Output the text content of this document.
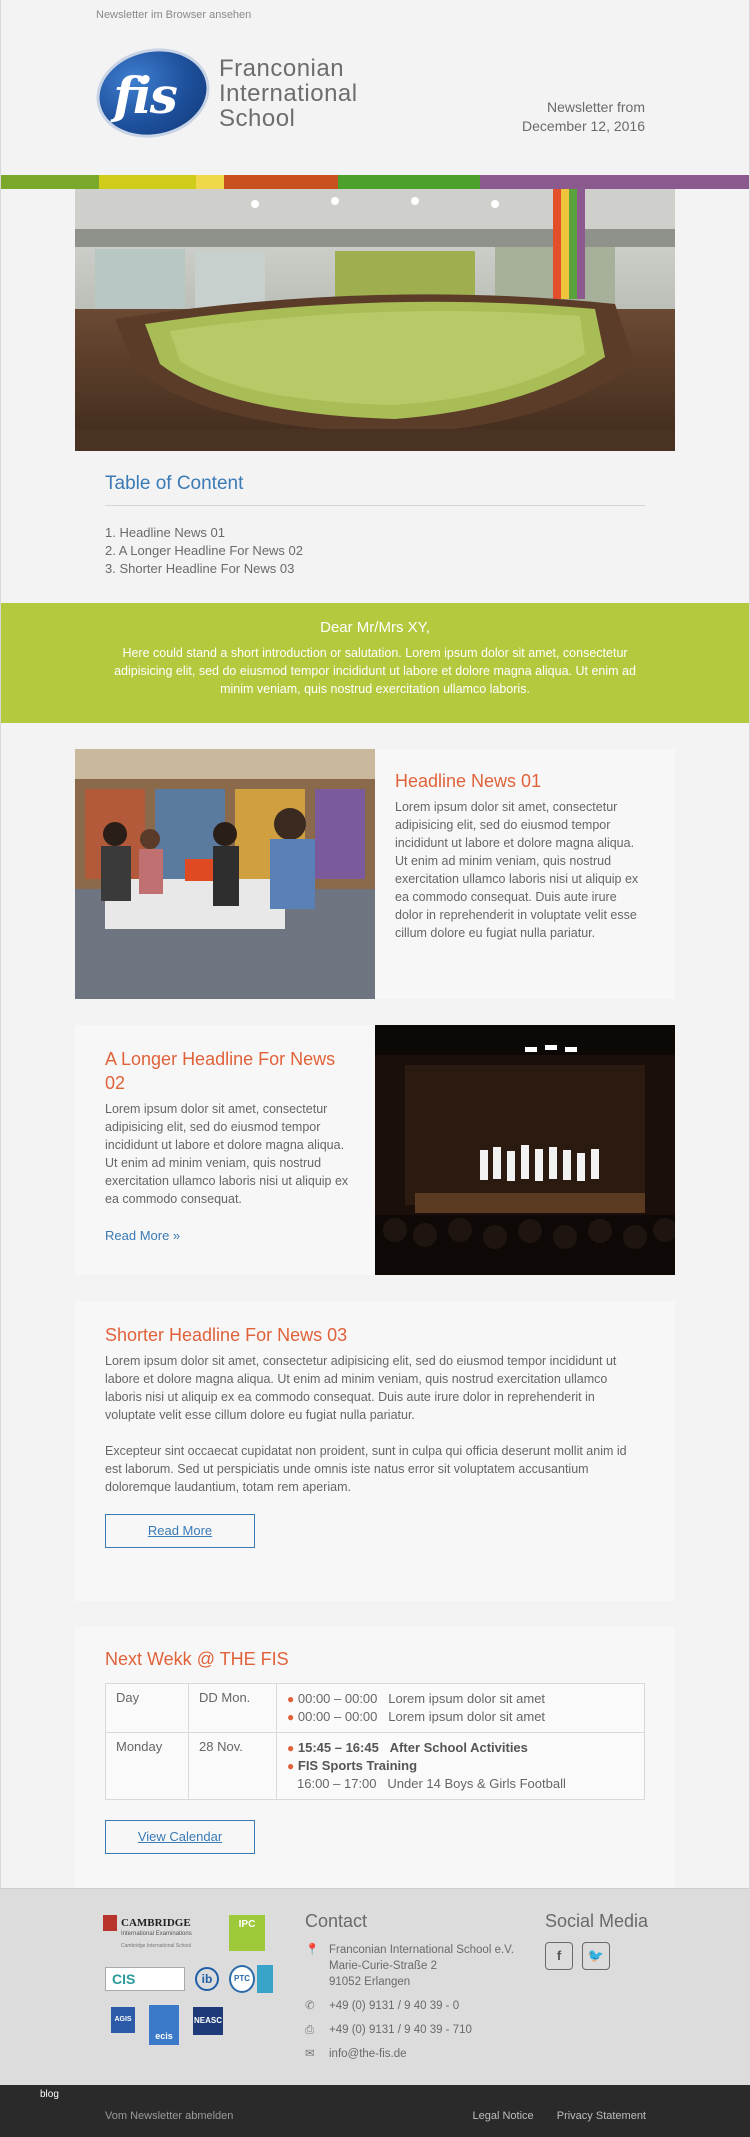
Newsletter im Browser ansehen
fis Franconian
International
School	Newsletter from
December 12, 2016
Table of Content
1. Headline News 01
2. A Longer Headline For News 02
3. Shorter Headline For News 03
Dear Mr/Mrs XY,

Here could stand a short introduction or salutation. Lorem ipsum dolor sit amet, consectetur adipisicing elit, sed do eiusmod tempor incididunt ut labore et dolore magna aliqua. Ut enim ad minim veniam, quis nostrud exercitation ullamco laboris.

Headline News 01

Lorem ipsum dolor sit amet, consectetur adipisicing elit, sed do eiusmod tempor incididunt ut labore et dolore magna aliqua. Ut enim ad minim veniam, quis nostrud exercitation ullamco laboris nisi ut aliquip ex ea commodo consequat. Duis aute irure dolor in reprehenderit in voluptate velit esse cillum dolore eu fugiat nulla pariatur.

A Longer Headline For News 02

Lorem ipsum dolor sit amet, consectetur adipisicing elit, sed do eiusmod tempor incididunt ut labore et dolore magna aliqua. Ut enim ad minim veniam, quis nostrud exercitation ullamco laboris nisi ut aliquip ex ea commodo consequat.

Read More »
Shorter Headline For News 03

Lorem ipsum dolor sit amet, consectetur adipisicing elit, sed do eiusmod tempor incididunt ut labore et dolore magna aliqua. Ut enim ad minim veniam, quis nostrud exercitation ullamco laboris nisi ut aliquip ex ea commodo consequat. Duis aute irure dolor in reprehenderit in voluptate velit esse cillum dolore eu fugiat nulla pariatur.

Excepteur sint occaecat cupidatat non proident, sunt in culpa qui officia deserunt mollit anim id est laborum. Sed ut perspiciatis unde omnis iste natus error sit voluptatem accusantium doloremque laudantium, totam rem aperiam.

Read More
Next Wekk @ THE FIS
Day	DD Mon.	● 00:00 – 00:00 Lorem ipsum dolor sit amet
● 00:00 – 00:00 Lorem ipsum dolor sit amet

Monday	28 Nov.	● 15:45 – 16:45 After School Activities
● FIS Sports Training
16:00 – 17:00 Under 14 Boys & Girls Football
View Calendar
CAMBRIDGE
International Examinations
Cambridge International School
IPC
CIS	ib	PTC
AGIS
ecis
NEASC
Contact
📍 Franconian International School e.V.
Marie-Curie-Straße 2
91052 Erlangen
✆	+49 (0) 9131 / 9 40 39 - 0
⎙	+49 (0) 9131 / 9 40 39 - 710
✉	info@the-fis.de
Social Media
f 🐦
blog
Vom Newsletter abmelden	Legal Notice Privacy Statement
